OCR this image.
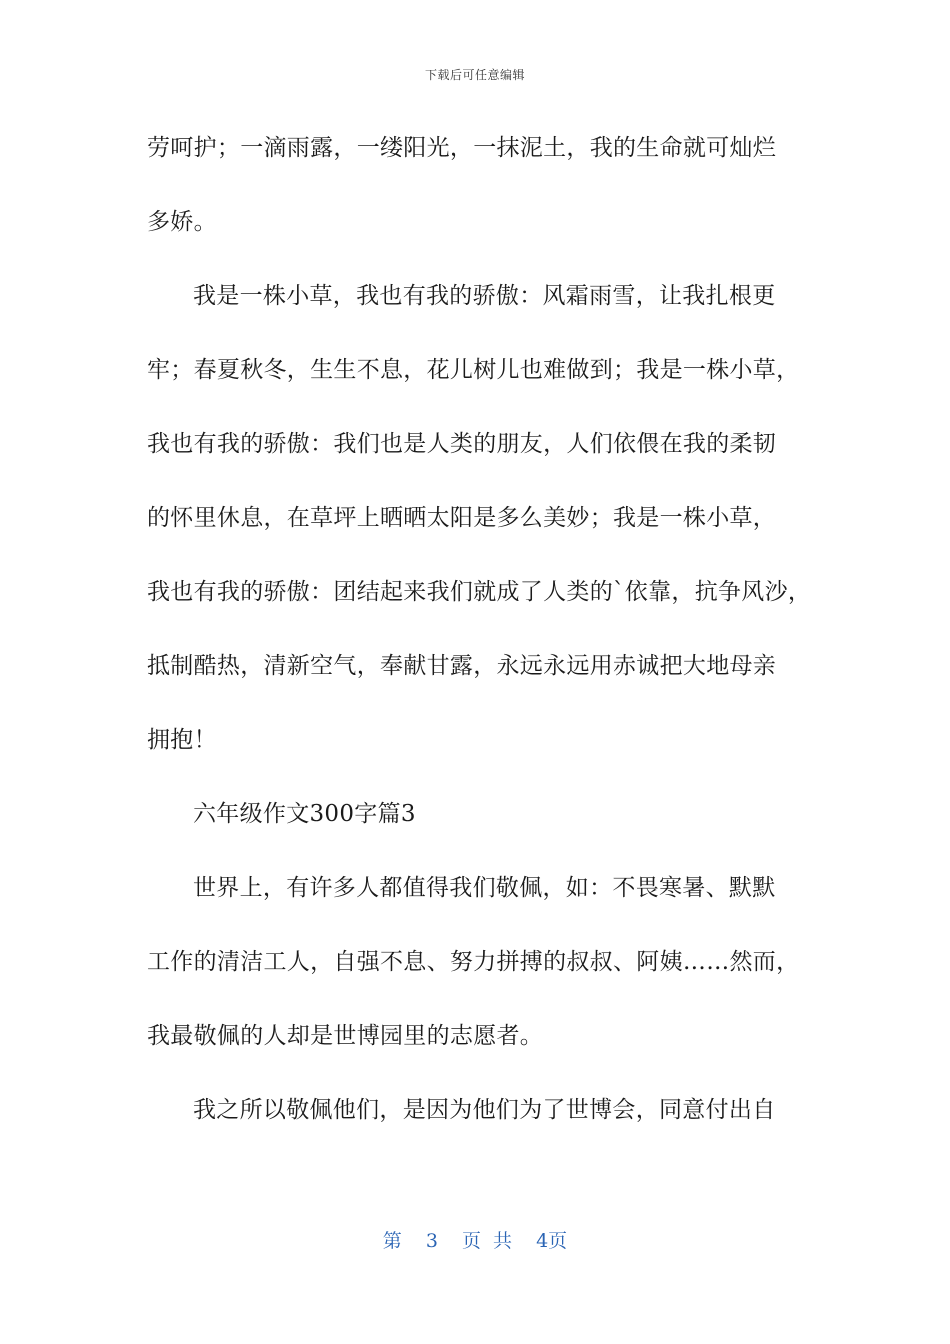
下载后可任意编辑
劳呵护；一滴雨露，一缕阳光，一抹泥土，我的生命就可灿烂
多娇。
我是一株小草，我也有我的骄傲：风霜雨雪，让我扎根更
牢；春夏秋冬，生生不息，花儿树儿也难做到；我是一株小草，
我也有我的骄傲：我们也是人类的朋友，人们依偎在我的柔韧
的怀里休息，在草坪上晒晒太阳是多么美妙；我是一株小草，
我也有我的骄傲：团结起来我们就成了人类的`依靠，抗争风沙，
抵制酷热，清新空气，奉献甘露，永远永远用赤诚把大地母亲
拥抱！
六年级作文300字篇3
世界上，有许多人都值得我们敬佩，如：不畏寒暑、默默
工作的清洁工人，自强不息、努力拼搏的叔叔、阿姨……然而，
我最敬佩的人却是世博园里的志愿者。
我之所以敬佩他们，是因为他们为了世博会，同意付出自
第 3 页 共 4页
